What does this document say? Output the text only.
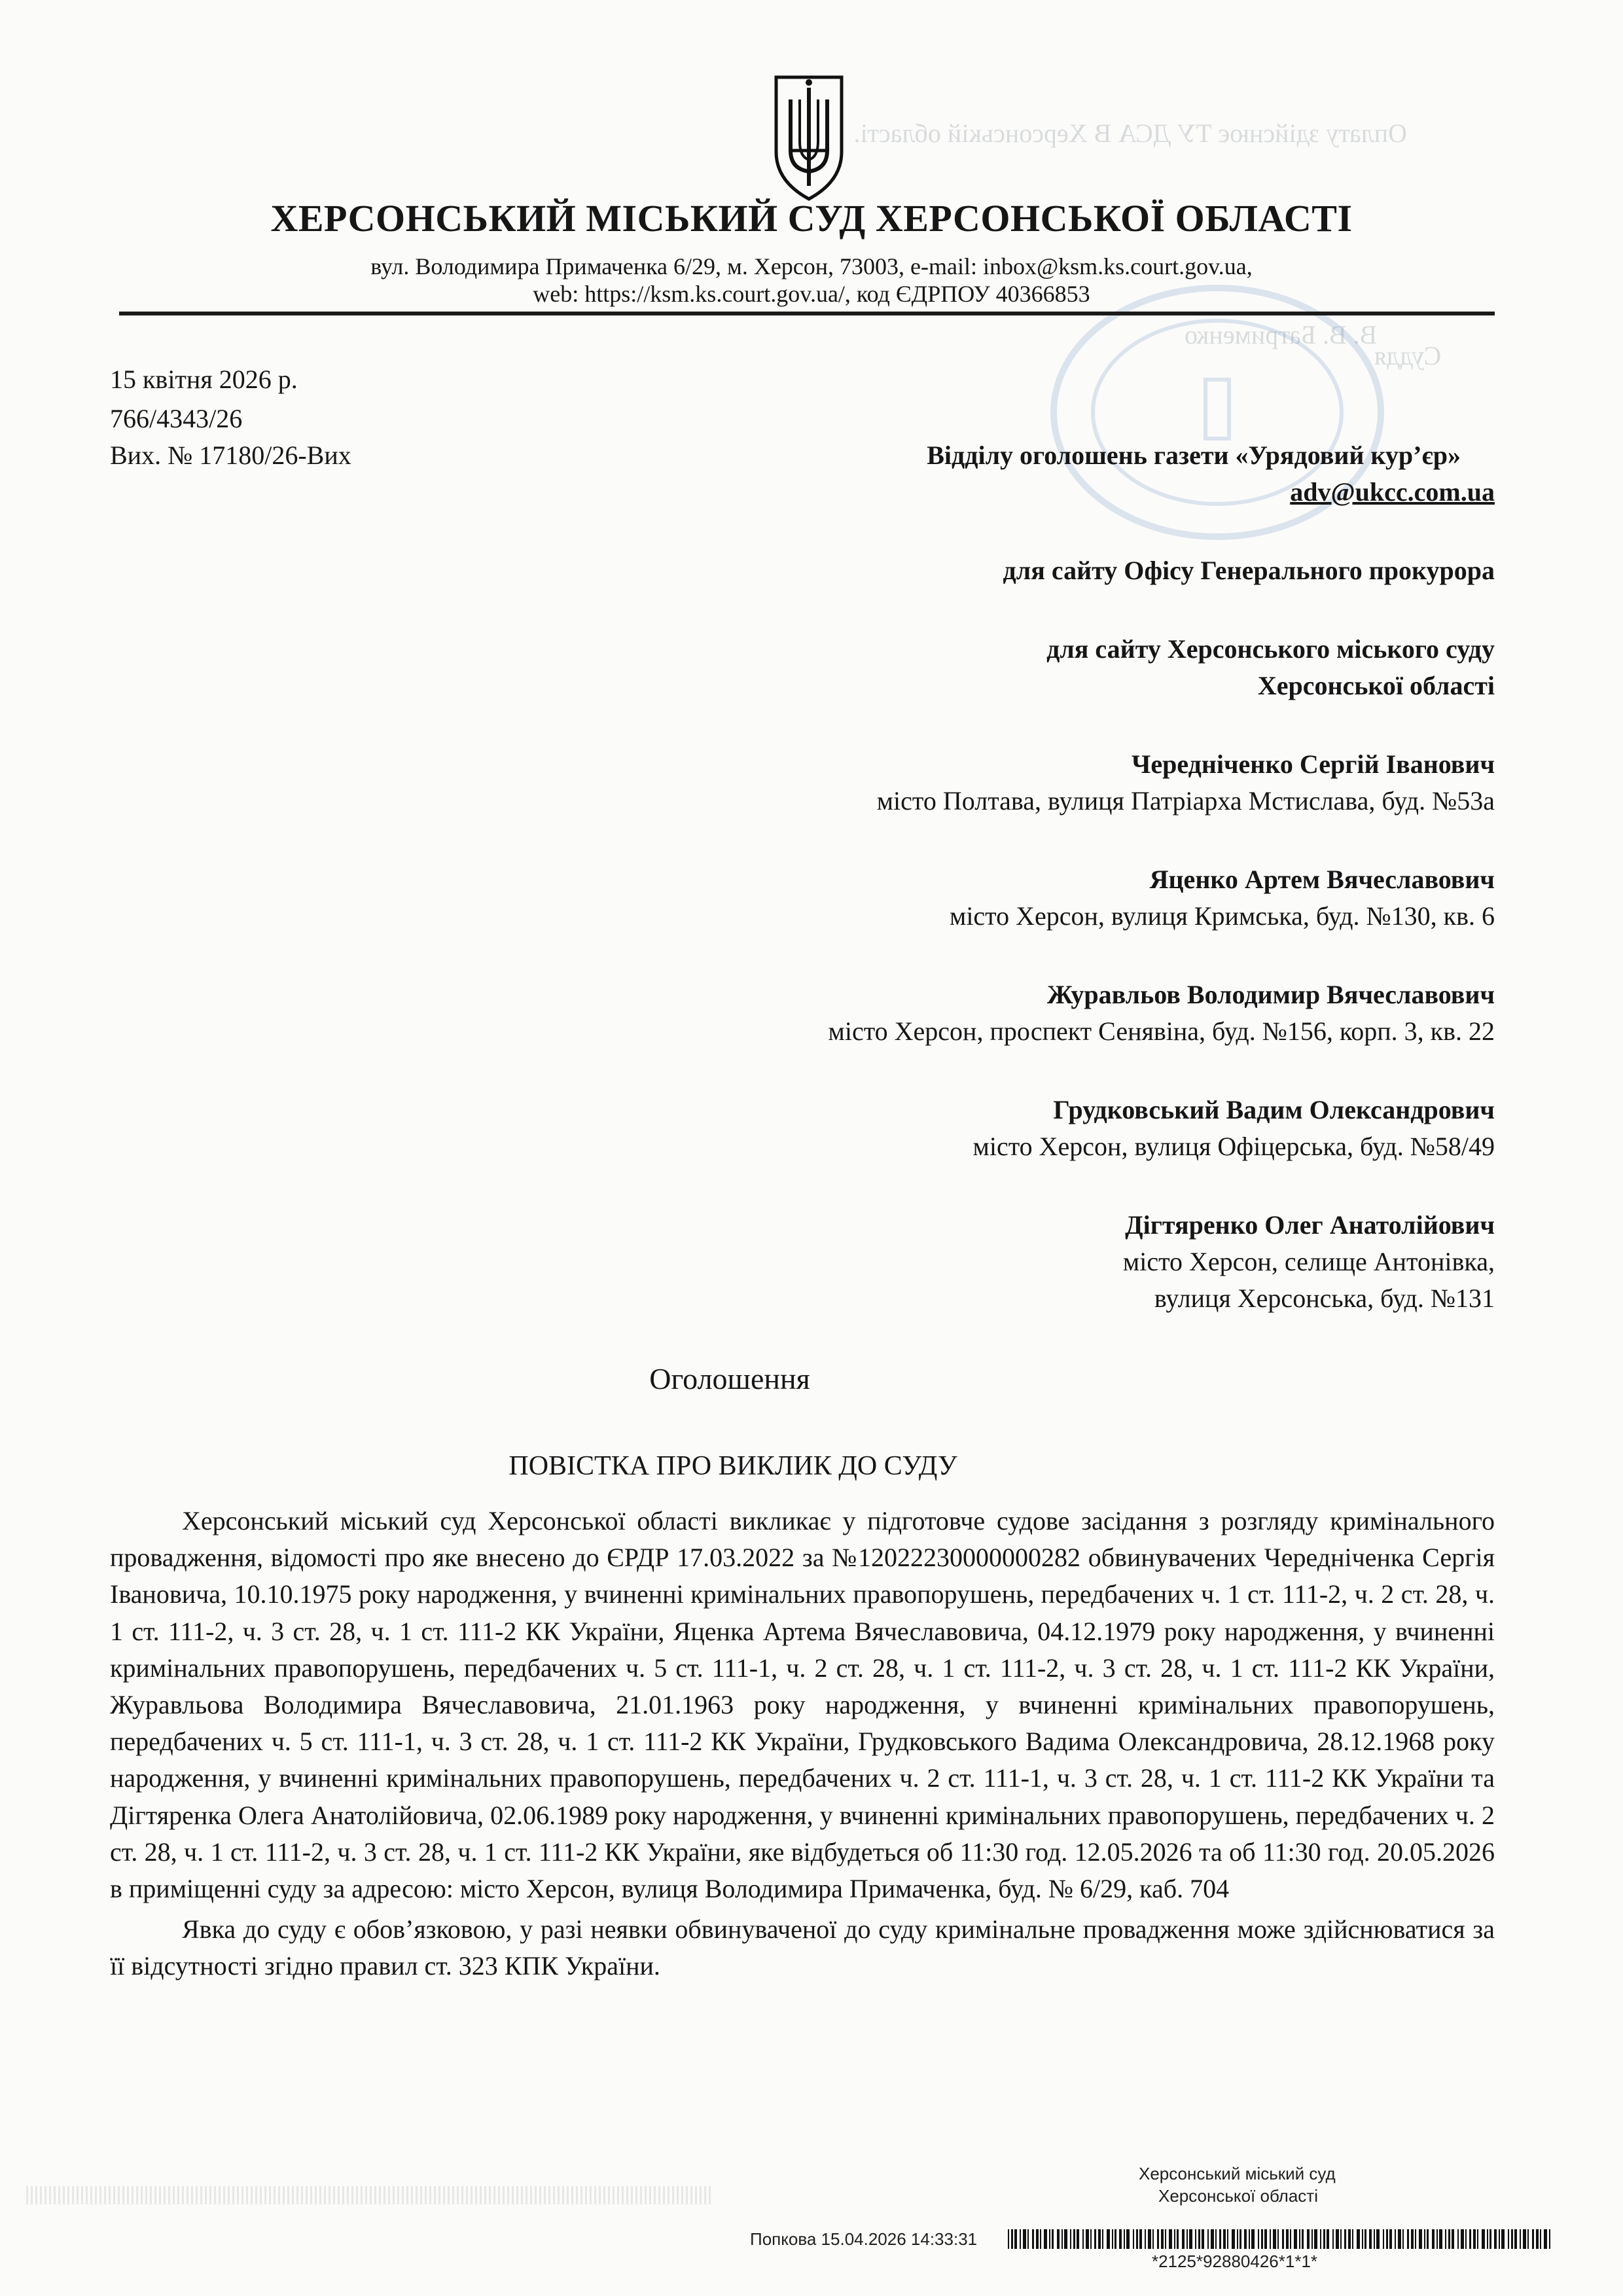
Оплату здійснює ТУ ДСА В Херсонській області.
Суддя
В. В. Батрименко
ХЕРСОНСЬКИЙ МІСЬКИЙ СУД ХЕРСОНСЬКОЇ ОБЛАСТІ
вул. Володимира Примаченка 6/29, м. Херсон, 73003, e-mail: inbox@ksm.ks.court.gov.ua,
web: https://ksm.ks.court.gov.ua/, код ЄДРПОУ 40366853
15 квітня 2026 р.
766/4343/26
Вих. № 17180/26-Вих	Відділу оголошень газети «Урядовий кур’єр»
adv@ukcc.com.ua
для сайту Офісу Генерального прокурора
для сайту Херсонського міського суду
Херсонської області
Чередніченко Сергій Іванович
місто Полтава, вулиця Патріарха Мстислава, буд. №53а
Яценко Артем Вячеславович
місто Херсон, вулиця Кримська, буд. №130, кв. 6
Журавльов Володимир Вячеславович
місто Херсон, проспект Сенявіна, буд. №156, корп. 3, кв. 22
Грудковський Вадим Олександрович
місто Херсон, вулиця Офіцерська, буд. №58/49
Дігтяренко Олег Анатолійович
місто Херсон, селище Антонівка,
вулиця Херсонська, буд. №131
Оголошення
ПОВІСТКА ПРО ВИКЛИК ДО СУДУ

Херсонський міський суд Херсонської області викликає у підготовче судове засідання з розгляду кримінального провадження, відомості про яке внесено до ЄРДР 17.03.2022 за №12022230000000282 обвинувачених Чередніченка Сергія Івановича, 10.10.1975 року народження, у вчиненні кримінальних правопорушень, передбачених ч. 1 ст. 111-2, ч. 2 ст. 28, ч. 1 ст. 111-2, ч. 3 ст. 28, ч. 1 ст. 111-2 КК України, Яценка Артема Вячеславовича, 04.12.1979 року народження, у вчиненні кримінальних правопорушень, передбачених ч. 5 ст. 111-1, ч. 2 ст. 28, ч. 1 ст. 111-2, ч. 3 ст. 28, ч. 1 ст. 111-2 КК України, Журавльова Володимира Вячеславовича, 21.01.1963 року народження, у вчиненні кримінальних правопорушень, передбачених ч. 5 ст. 111-1, ч. 3 ст. 28, ч. 1 ст. 111-2 КК України, Грудковського Вадима Олександровича, 28.12.1968 року народження, у вчиненні кримінальних правопорушень, передбачених ч. 2 ст. 111-1, ч. 3 ст. 28, ч. 1 ст. 111-2 КК України та Дігтяренка Олега Анатолійовича, 02.06.1989 року народження, у вчиненні кримінальних правопорушень, передбачених ч. 2 ст. 28, ч. 1 ст. 111-2, ч. 3 ст. 28, ч. 1 ст. 111-2 КК України, яке відбудеться об 11:30 год. 12.05.2026 та об 11:30 год. 20.05.2026 в приміщенні суду за адресою: місто Херсон, вулиця Володимира Примаченка, буд. № 6/29, каб. 704

Явка до суду є обов’язковою, у разі неявки обвинуваченої до суду кримінальне провадження може здійснюватися за її відсутності згідно правил ст. 323 КПК України.

Херсонський міський суд
Херсонської області
Попкова 15.04.2026 14:33:31
*2125*92880426*1*1*
